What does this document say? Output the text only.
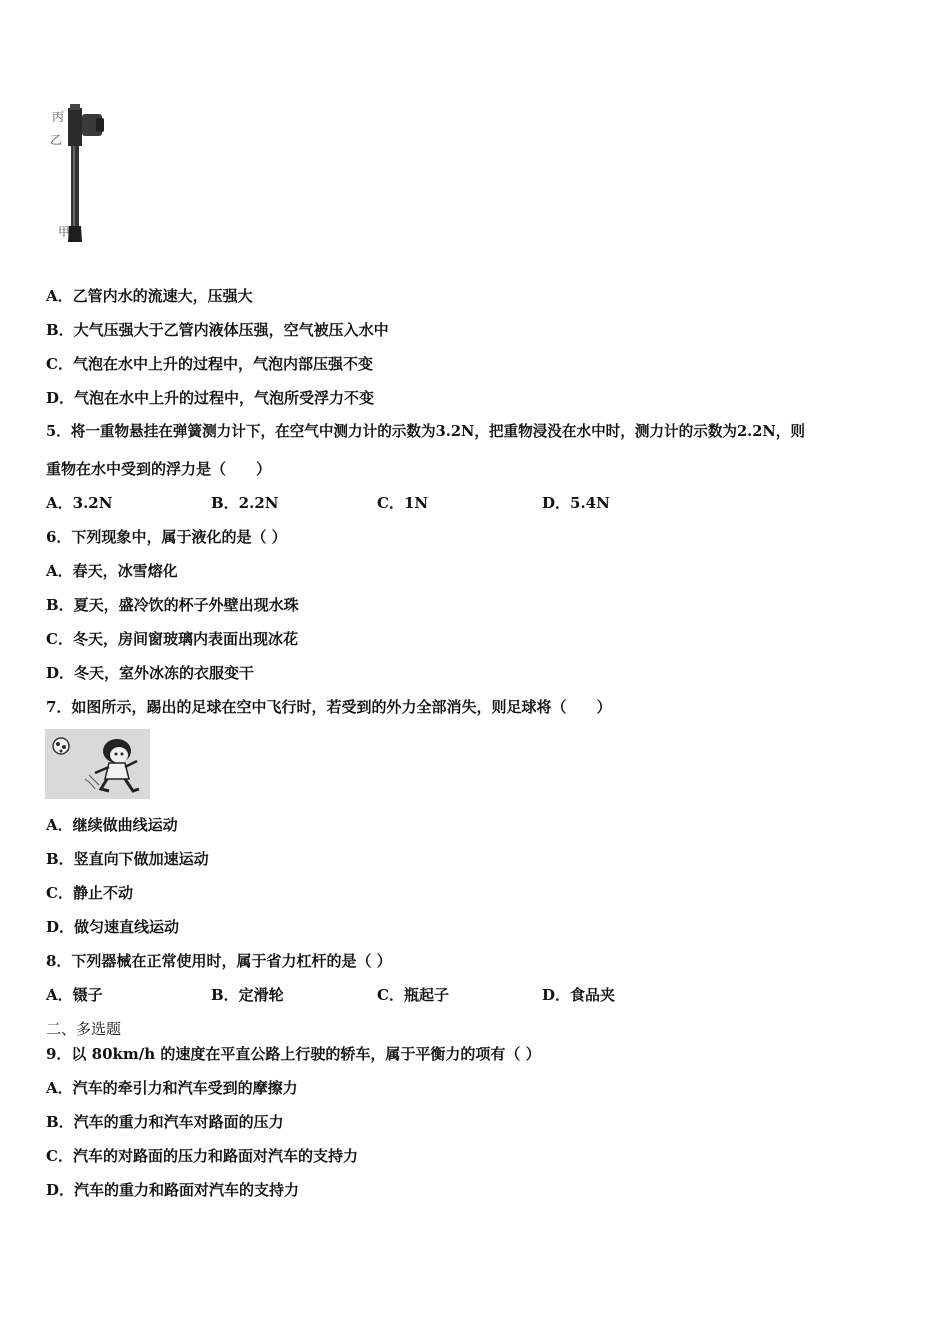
丙
乙
甲
A．乙管内水的流速大，压强大
B．大气压强大于乙管内液体压强，空气被压入水中
C．气泡在水中上升的过程中，气泡内部压强不变
D．气泡在水中上升的过程中，气泡所受浮力不变
5．将一重物悬挂在弹簧测力计下，在空气中测力计的示数为3.2N，把重物浸没在水中时，测力计的示数为2.2N，则
重物在水中受到的浮力是（　　）
A．3.2N	B．2.2N	C．1N	D．5.4N
6．下列现象中，属于液化的是（ ）
A．春天，冰雪熔化
B．夏天，盛冷饮的杯子外壁出现水珠
C．冬天，房间窗玻璃内表面出现冰花
D．冬天，室外冰冻的衣服变干
7．如图所示，踢出的足球在空中飞行时，若受到的外力全部消失，则足球将（　　）
A．继续做曲线运动
B．竖直向下做加速运动
C．静止不动
D．做匀速直线运动
8．下列器械在正常使用时，属于省力杠杆的是（ ）
A．镊子	B．定滑轮	C．瓶起子	D．食品夹
二、多选题
9．以 80km/h 的速度在平直公路上行驶的轿车，属于平衡力的项有（ ）
A．汽车的牵引力和汽车受到的摩擦力
B．汽车的重力和汽车对路面的压力
C．汽车的对路面的压力和路面对汽车的支持力
D．汽车的重力和路面对汽车的支持力
